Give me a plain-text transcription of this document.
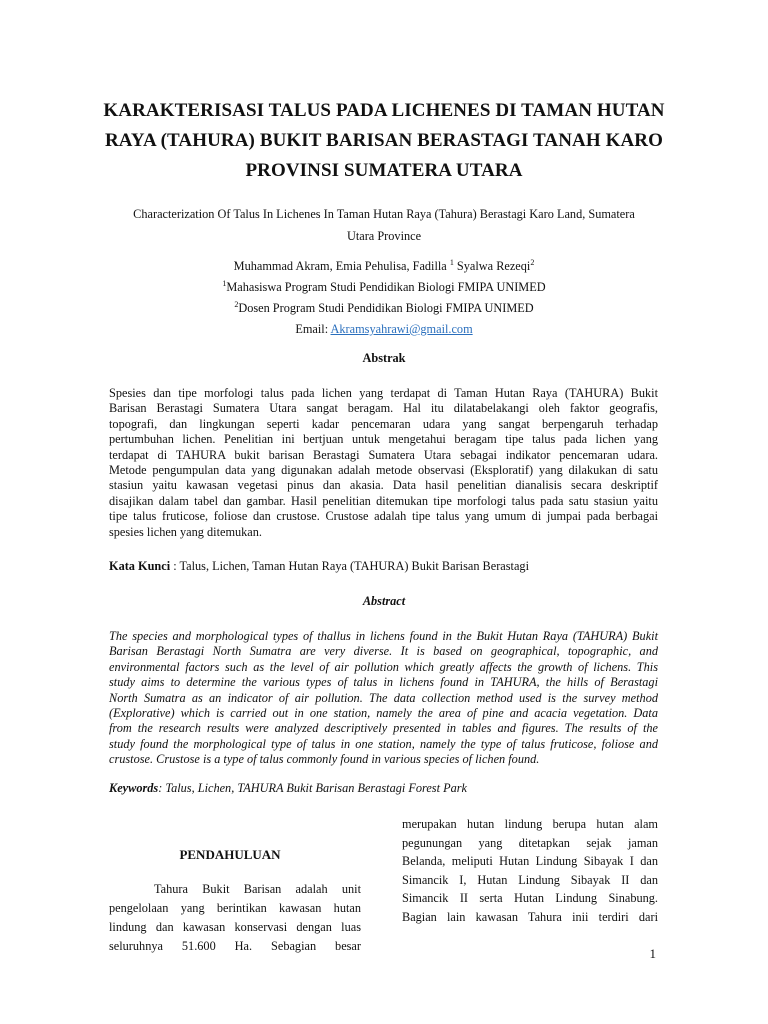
KARAKTERISASI TALUS PADA LICHENES DI TAMAN HUTAN
RAYA (TAHURA) BUKIT BARISAN BERASTAGI TANAH KARO
PROVINSI SUMATERA UTARA
Characterization Of Talus In Lichenes In Taman Hutan Raya (Tahura) Berastagi Karo Land, Sumatera
Utara Province
Muhammad Akram, Emia Pehulisa, Fadilla $^1$ Syalwa Rezeqi$^2$
$^1$Mahasiswa Program Studi Pendidikan Biologi FMIPA UNIMED
$^2$Dosen Program Studi Pendidikan Biologi FMIPA UNIMED
Email: Akramsyahrawi@gmail.com
Abstrak
Spesies dan tipe morfologi talus pada lichen yang terdapat di Taman Hutan Raya (TAHURA) Bukit
Barisan Berastagi Sumatera Utara sangat beragam. Hal itu dilatabelakangi oleh faktor geografis,
topografi, dan lingkungan seperti kadar pencemaran udara yang sangat berpengaruh terhadap
pertumbuhan lichen. Penelitian ini bertjuan untuk mengetahui beragam tipe talus pada lichen yang
terdapat di TAHURA bukit barisan Berastagi Sumatera Utara sebagai indikator pencemaran udara.
Metode pengumpulan data yang digunakan adalah metode observasi (Eksploratif) yang dilakukan di satu
stasiun yaitu kawasan vegetasi pinus dan akasia. Data hasil penelitian dianalisis secara deskriptif
disajikan dalam tabel dan gambar. Hasil penelitian ditemukan tipe morfologi talus pada satu stasiun yaitu
tipe talus fruticose, foliose dan crustose. Crustose adalah tipe talus yang umum di jumpai pada berbagai
spesies lichen yang ditemukan.
Kata Kunci : Talus, Lichen, Taman Hutan Raya (TAHURA) Bukit Barisan Berastagi
Abstract
The species and morphological types of thallus in lichens found in the Bukit Hutan Raya (TAHURA) Bukit
Barisan Berastagi North Sumatra are very diverse. It is based on geographical, topographic, and
environmental factors such as the level of air pollution which greatly affects the growth of lichens. This
study aims to determine the various types of talus in lichens found in TAHURA, the hills of Berastagi
North Sumatra as an indicator of air pollution. The data collection method used is the survey method
(Explorative) which is carried out in one station, namely the area of pine and acacia vegetation. Data
from the research results were analyzed descriptively presented in tables and figures. The results of the
study found the morphological type of talus in one station, namely the type of talus fruticose, foliose and
crustose. Crustose is a type of talus commonly found in various species of lichen found.
Keywords: Talus, Lichen, TAHURA Bukit Barisan Berastagi Forest Park
PENDAHULUAN
Tahura Bukit Barisan adalah unit
pengelolaan yang berintikan kawasan hutan
lindung dan kawasan konservasi dengan luas
seluruhnya 51.600 Ha. Sebagian besar
merupakan hutan lindung berupa hutan alam
pegunungan yang ditetapkan sejak jaman
Belanda, meliputi Hutan Lindung Sibayak I dan
Simancik I, Hutan Lindung Sibayak II dan
Simancik II serta Hutan Lindung Sinabung.
Bagian lain kawasan Tahura inii terdiri dari
1
